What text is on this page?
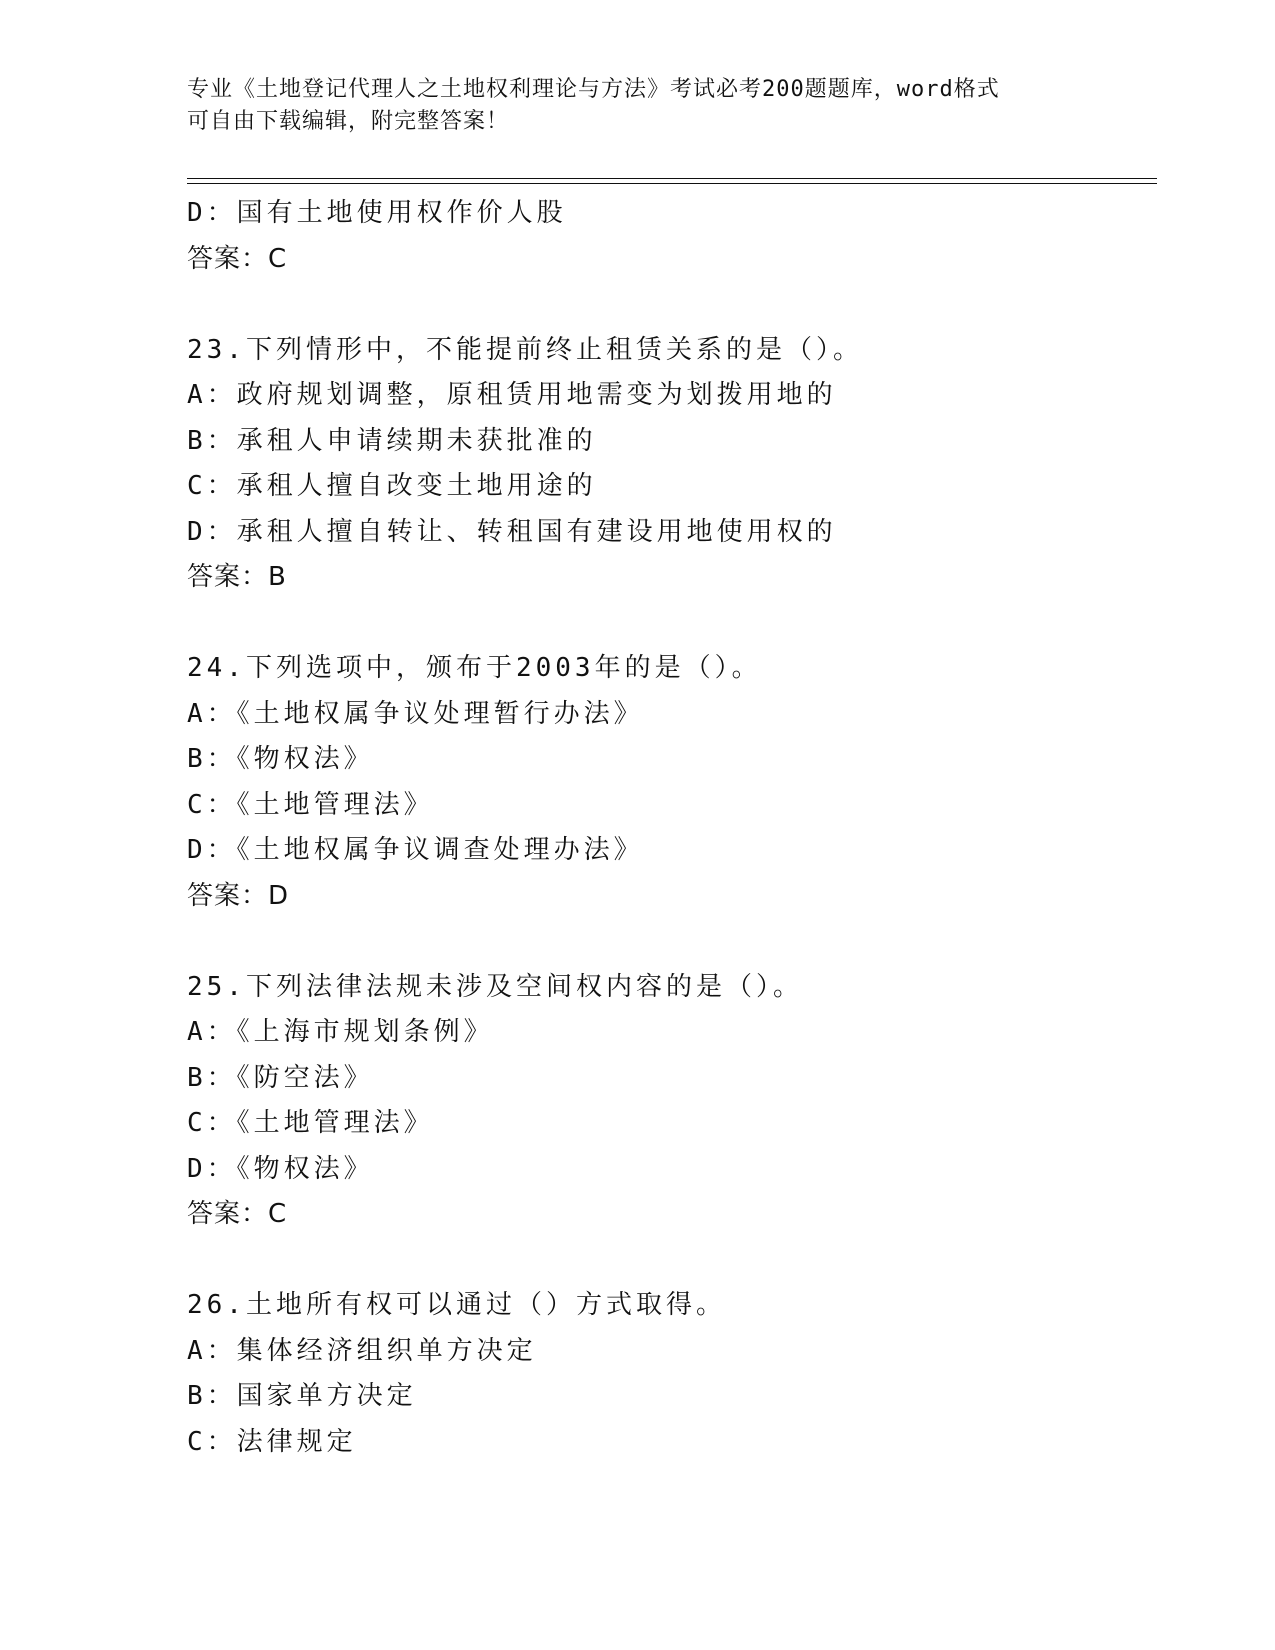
专业《土地登记代理人之土地权利理论与方法》考试必考200题题库，word格式
可自由下载编辑，附完整答案！
D：国有土地使用权作价人股
答案：C
23.下列情形中，不能提前终止租赁关系的是（）。
A：政府规划调整，原租赁用地需变为划拨用地的
B：承租人申请续期未获批准的
C：承租人擅自改变土地用途的
D：承租人擅自转让、转租国有建设用地使用权的
答案：B
24.下列选项中，颁布于2003年的是（）。
A：《土地权属争议处理暂行办法》
B：《物权法》
C：《土地管理法》
D：《土地权属争议调查处理办法》
答案：D
25.下列法律法规未涉及空间权内容的是（）。
A：《上海市规划条例》
B：《防空法》
C：《土地管理法》
D：《物权法》
答案：C
26.土地所有权可以通过（）方式取得。
A：集体经济组织单方决定
B：国家单方决定
C：法律规定
